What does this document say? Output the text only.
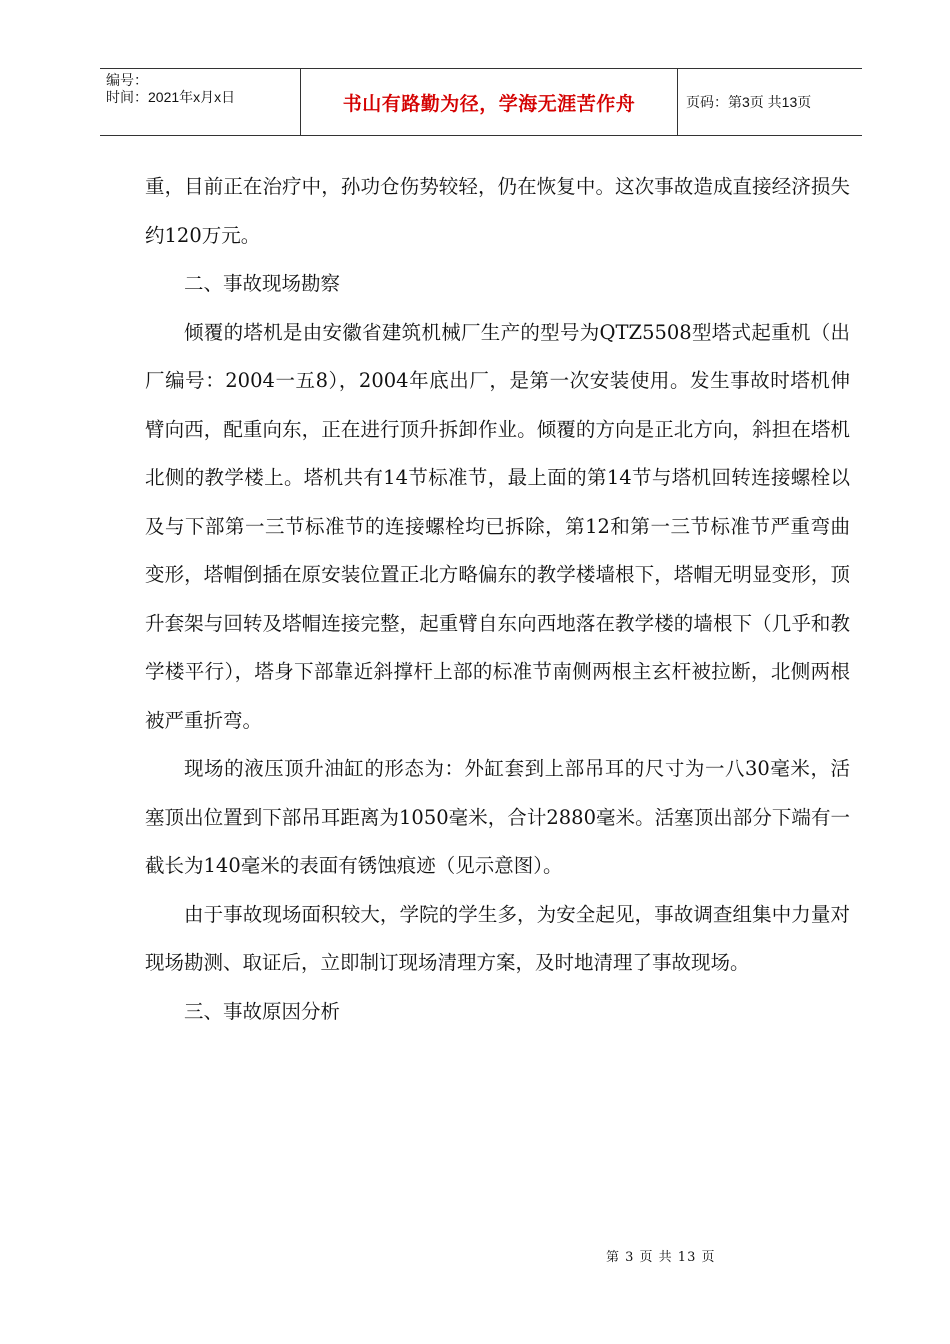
编号：
时间：2021年x月x日	书山有路勤为径，学海无涯苦作舟	页码：第3页 共13页

重，目前正在治疗中，孙功仓伤势较轻，仍在恢复中。这次事故造成直接经济损失约120万元。

二、事故现场勘察

倾覆的塔机是由安徽省建筑机械厂生产的型号为QTZ5508型塔式起重机（出厂编号：2004一五8），2004年底出厂，是第一次安装使用。发生事故时塔机伸臂向西，配重向东，正在进行顶升拆卸作业。倾覆的方向是正北方向，斜担在塔机北侧的教学楼上。塔机共有14节标准节，最上面的第14节与塔机回转连接螺栓以及与下部第一三节标准节的连接螺栓均已拆除，第12和第一三节标准节严重弯曲变形，塔帽倒插在原安装位置正北方略偏东的教学楼墙根下，塔帽无明显变形，顶升套架与回转及塔帽连接完整，起重臂自东向西地落在教学楼的墙根下（几乎和教学楼平行），塔身下部靠近斜撑杆上部的标准节南侧两根主玄杆被拉断，北侧两根被严重折弯。

现场的液压顶升油缸的形态为：外缸套到上部吊耳的尺寸为一八30毫米，活塞顶出位置到下部吊耳距离为1050毫米，合计2880毫米。活塞顶出部分下端有一截长为140毫米的表面有锈蚀痕迹（见示意图）。

由于事故现场面积较大，学院的学生多，为安全起见，事故调查组集中力量对现场勘测、取证后，立即制订现场清理方案，及时地清理了事故现场。

三、事故原因分析

第 3 页 共 13 页
